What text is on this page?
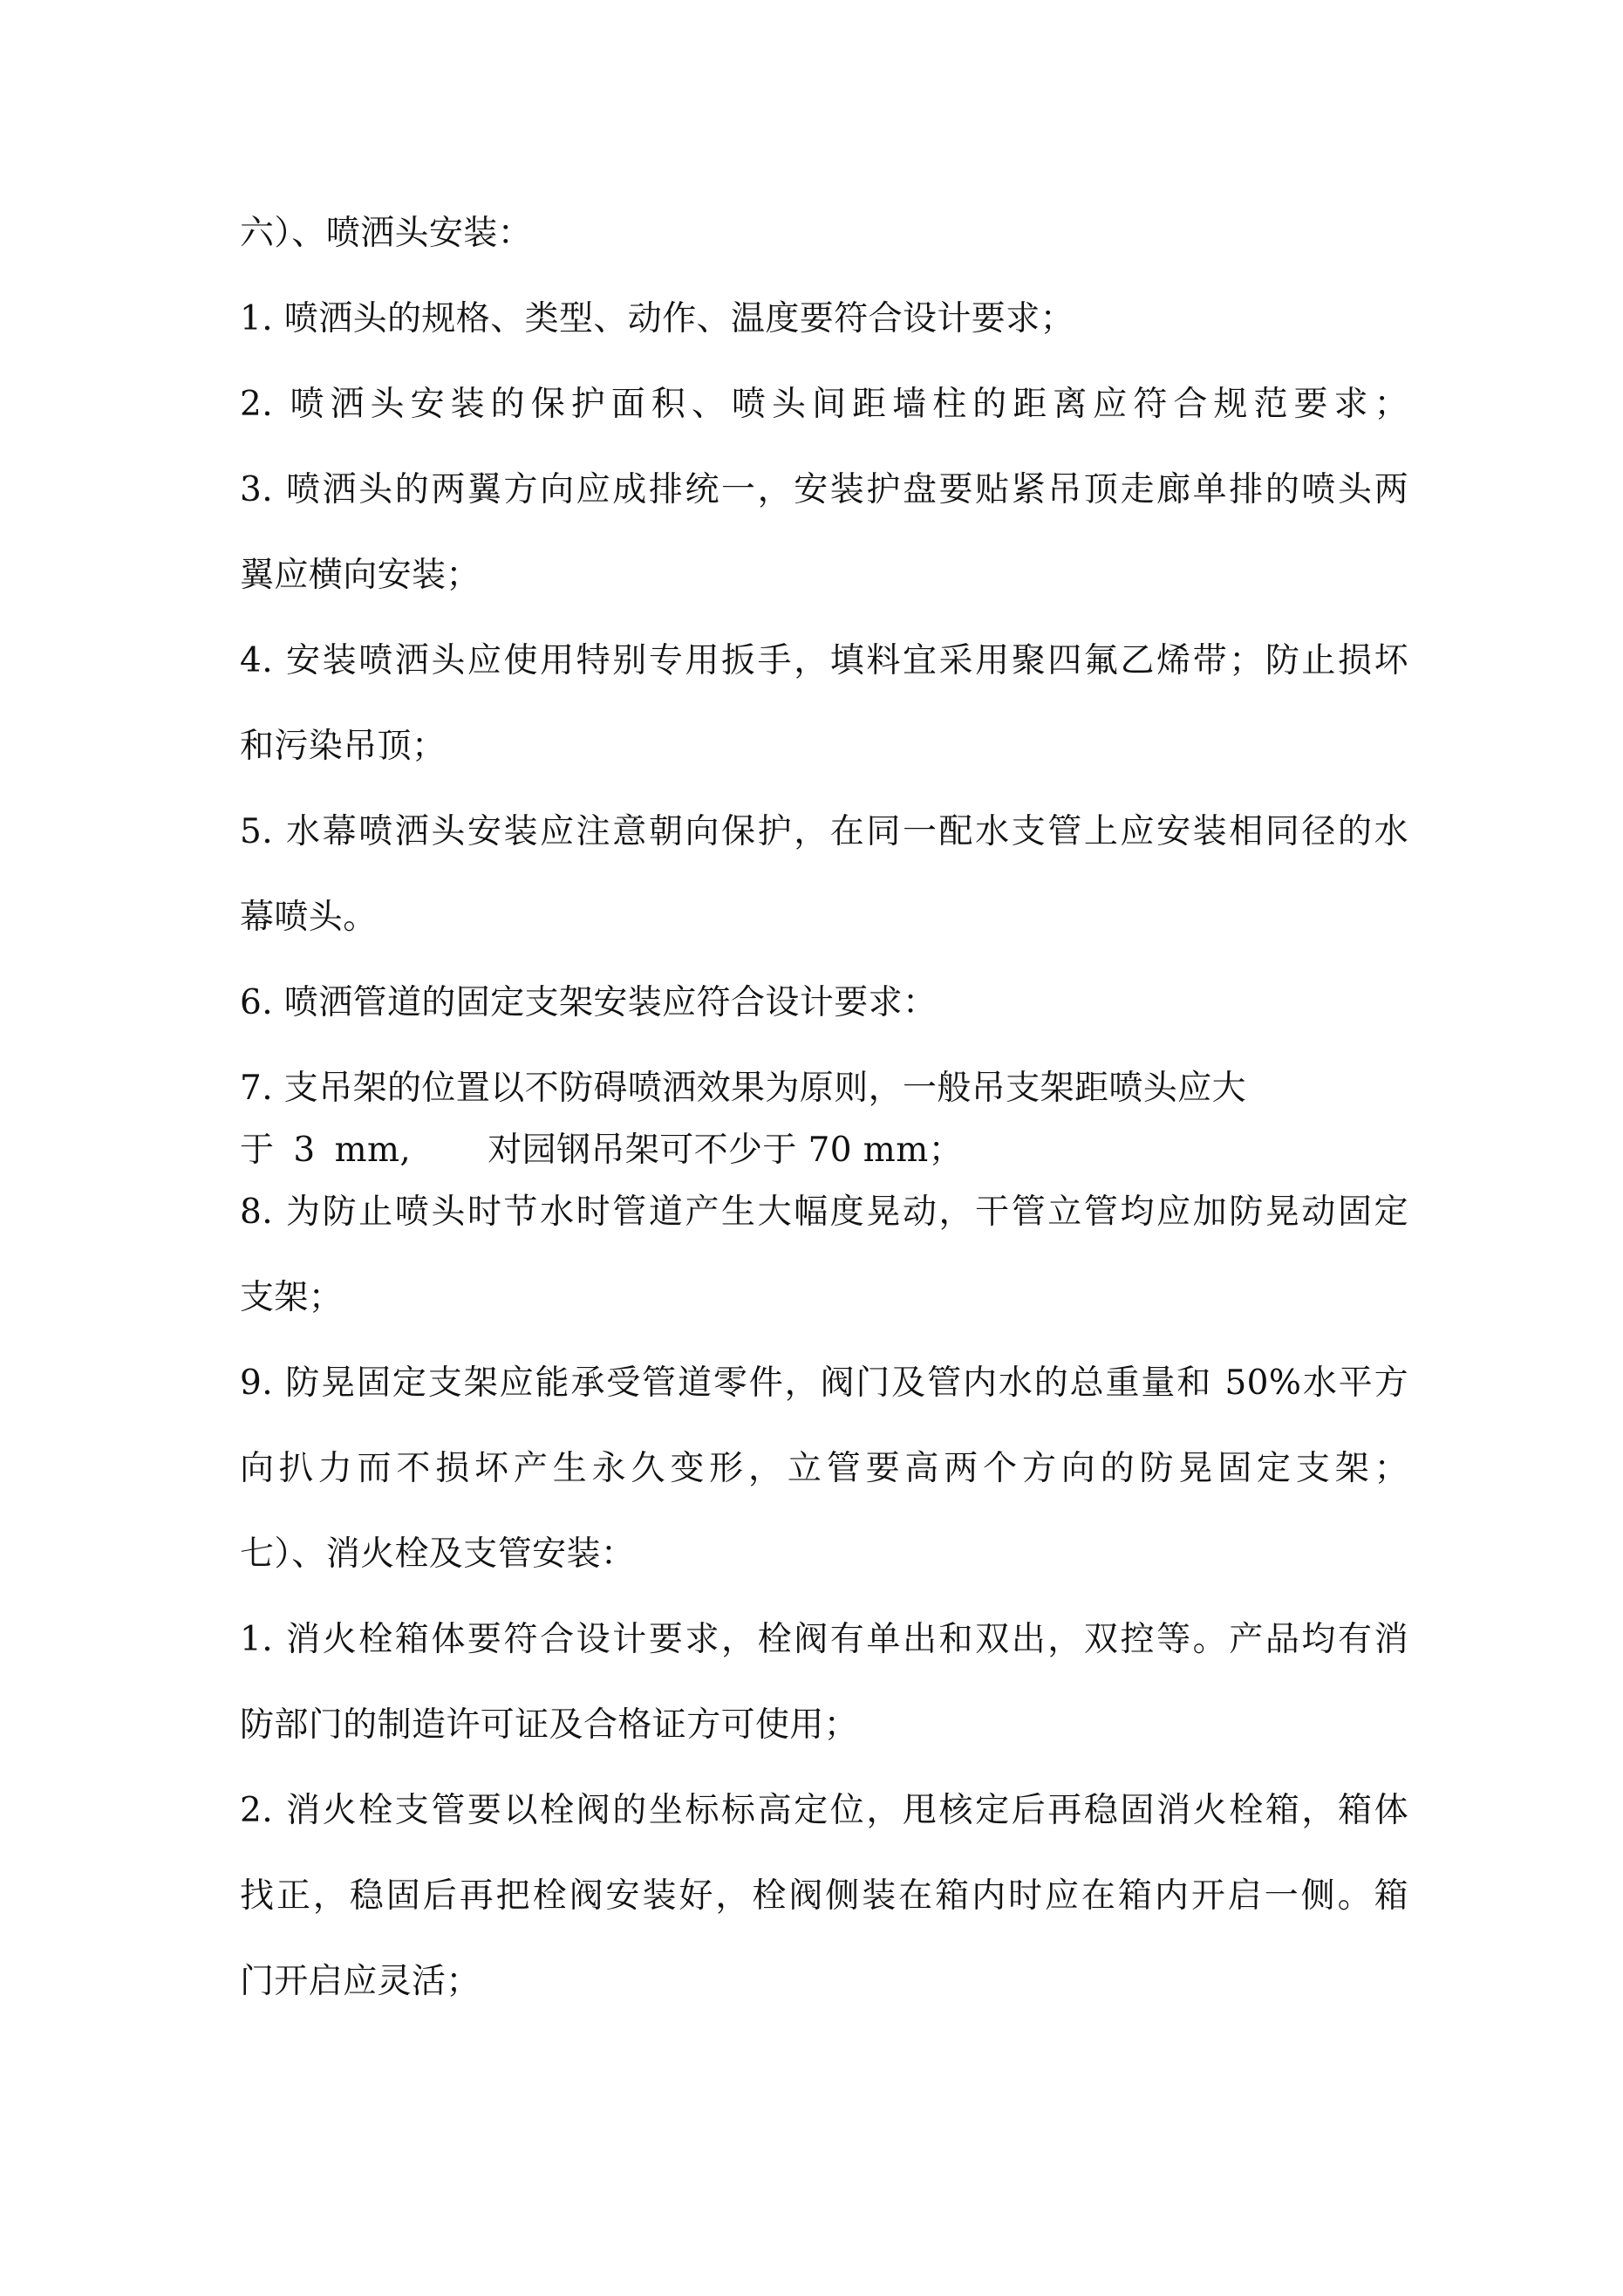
六）、喷洒头安装：
1. 喷洒头的规格、类型、动作、温度要符合设计要求；
2. 喷洒头安装的保护面积、喷头间距墙柱的距离应符合规范要求；
3. 喷洒头的两翼方向应成排统一，安装护盘要贴紧吊顶走廊单排的喷头两
翼应横向安装；
4. 安装喷洒头应使用特别专用扳手，填料宜采用聚四氟乙烯带；防止损坏
和污染吊顶；
5. 水幕喷洒头安装应注意朝向保护，在同一配水支管上应安装相同径的水
幕喷头。
6. 喷洒管道的固定支架安装应符合设计要求：
7. 支吊架的位置以不防碍喷洒效果为原则，一般吊支架距喷头应大
于 3 mm, 对园钢吊架可不少于 70 mm；
8. 为防止喷头时节水时管道产生大幅度晃动，干管立管均应加防晃动固定
支架；
9. 防晃固定支架应能承受管道零件，阀门及管内水的总重量和 50%水平方
向扒力而不损坏产生永久变形，立管要高两个方向的防晃固定支架；
七）、消火栓及支管安装：
1. 消火栓箱体要符合设计要求，栓阀有单出和双出，双控等。产品均有消
防部门的制造许可证及合格证方可使用；
2. 消火栓支管要以栓阀的坐标标高定位，甩核定后再稳固消火栓箱，箱体
找正，稳固后再把栓阀安装好，栓阀侧装在箱内时应在箱内开启一侧。箱
门开启应灵活；
